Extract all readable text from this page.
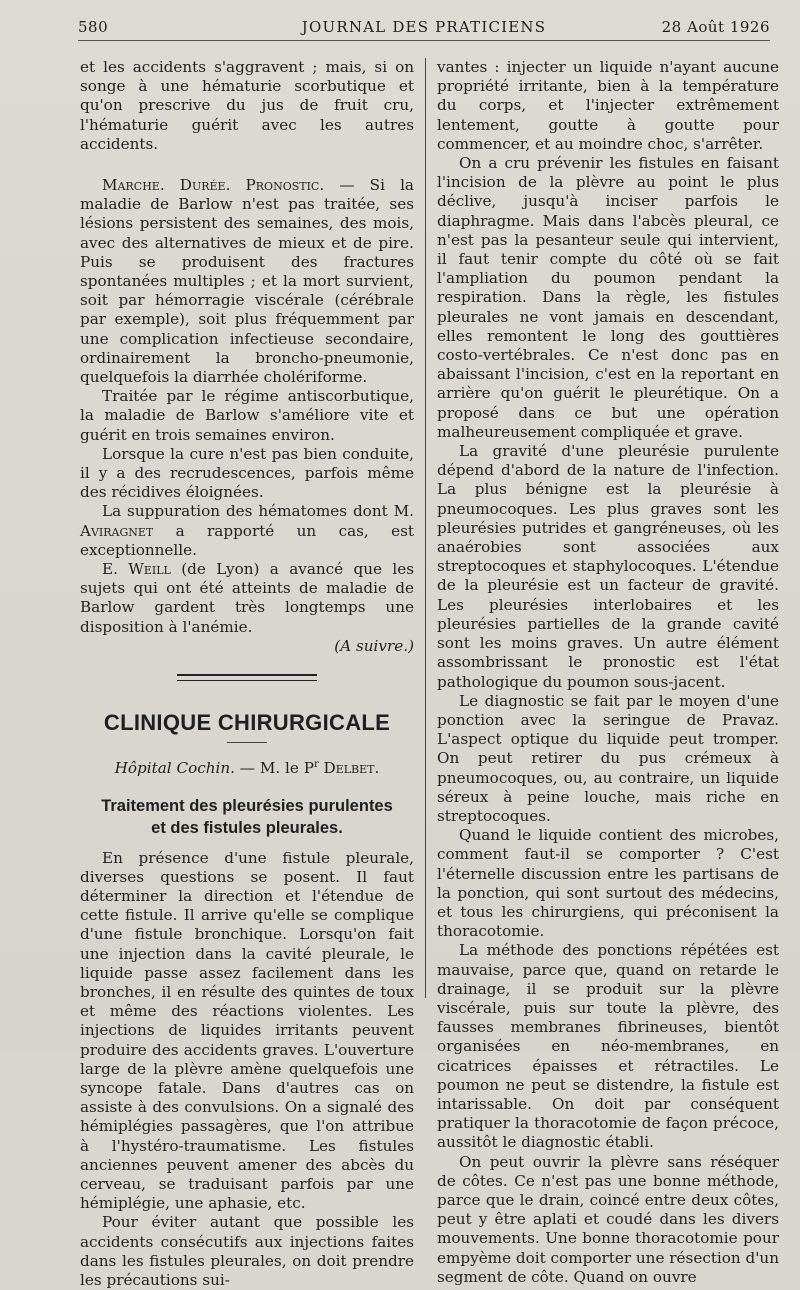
580	JOURNAL DES PRATICIENS	28 Août 1926

et les accidents s'aggravent ; mais, si on songe à une hématurie scorbutique et qu'on prescrive du jus de fruit cru, l'hématurie guérit avec les autres accidents.

Marche. Durée. Pronostic. — Si la maladie de Barlow n'est pas traitée, ses lésions persistent des semaines, des mois, avec des alternatives de mieux et de pire. Puis se produisent des fractures spontanées multiples ; et la mort survient, soit par hémorragie viscérale (cérébrale par exemple), soit plus fréquemment par une complication infectieuse secondaire, ordinairement la broncho-pneumonie, quelquefois la diarrhée cholériforme.

Traitée par le régime antiscorbutique, la maladie de Barlow s'améliore vite et guérit en trois semaines environ.

Lorsque la cure n'est pas bien conduite, il y a des recrudescences, parfois même des récidives éloignées.

La suppuration des hématomes dont M. Aviragnet a rapporté un cas, est exceptionnelle.

E. Weill (de Lyon) a avancé que les sujets qui ont été atteints de maladie de Barlow gardent très longtemps une disposition à l'anémie.

(A suivre.)

CLINIQUE CHIRURGICALE
Hôpital Cochin. — M. le $P^r$ Delbet.
Traitement des pleurésies purulentes
et des fistules pleurales.

En présence d'une fistule pleurale, diverses questions se posent. Il faut déterminer la direction et l'étendue de cette fistule. Il arrive qu'elle se complique d'une fistule bronchique. Lorsqu'on fait une injection dans la cavité pleurale, le liquide passe assez facilement dans les bronches, il en résulte des quintes de toux et même des réactions violentes. Les injections de liquides irritants peuvent produire des accidents graves. L'ouverture large de la plèvre amène quelquefois une syncope fatale. Dans d'autres cas on assiste à des convulsions. On a signalé des hémiplégies passagères, que l'on attribue à l'hystéro-traumatisme. Les fistules anciennes peuvent amener des abcès du cerveau, se traduisant parfois par une hémiplégie, une aphasie, etc.

Pour éviter autant que possible les accidents consécutifs aux injections faites dans les fistules pleurales, on doit prendre les précautions sui-

vantes : injecter un liquide n'ayant aucune propriété irritante, bien à la température du corps, et l'injecter extrêmement lentement, goutte à goutte pour commencer, et au moindre choc, s'arrêter.

On a cru prévenir les fistules en faisant l'incision de la plèvre au point le plus déclive, jusqu'à inciser parfois le diaphragme. Mais dans l'abcès pleural, ce n'est pas la pesanteur seule qui intervient, il faut tenir compte du côté où se fait l'ampliation du poumon pendant la respiration. Dans la règle, les fistules pleurales ne vont jamais en descendant, elles remontent le long des gouttières costo-vertébrales. Ce n'est donc pas en abaissant l'incision, c'est en la reportant en arrière qu'on guérit le pleurétique. On a proposé dans ce but une opération malheureusement compliquée et grave.

La gravité d'une pleurésie purulente dépend d'abord de la nature de l'infection. La plus bénigne est la pleurésie à pneumocoques. Les plus graves sont les pleurésies putrides et gangréneuses, où les anaérobies sont associées aux streptocoques et staphylocoques. L'étendue de la pleurésie est un facteur de gravité. Les pleurésies interlobaires et les pleurésies partielles de la grande cavité sont les moins graves. Un autre élément assombrissant le pronostic est l'état pathologique du poumon sous-jacent.

Le diagnostic se fait par le moyen d'une ponction avec la seringue de Pravaz. L'aspect optique du liquide peut tromper. On peut retirer du pus crémeux à pneumocoques, ou, au contraire, un liquide séreux à peine louche, mais riche en streptocoques.

Quand le liquide contient des microbes, comment faut-il se comporter ? C'est l'éternelle discussion entre les partisans de la ponction, qui sont surtout des médecins, et tous les chirurgiens, qui préconisent la thoracotomie.

La méthode des ponctions répétées est mauvaise, parce que, quand on retarde le drainage, il se produit sur la plèvre viscérale, puis sur toute la plèvre, des fausses membranes fibrineuses, bientôt organisées en néo-membranes, en cicatrices épaisses et rétractiles. Le poumon ne peut se distendre, la fistule est intarissable. On doit par conséquent pratiquer la thoracotomie de façon précoce, aussitôt le diagnostic établi.

On peut ouvrir la plèvre sans réséquer de côtes. Ce n'est pas une bonne méthode, parce que le drain, coincé entre deux côtes, peut y être aplati et coudé dans les divers mouvements. Une bonne thoracotomie pour empyème doit comporter une résection d'un segment de côte. Quand on ouvre
